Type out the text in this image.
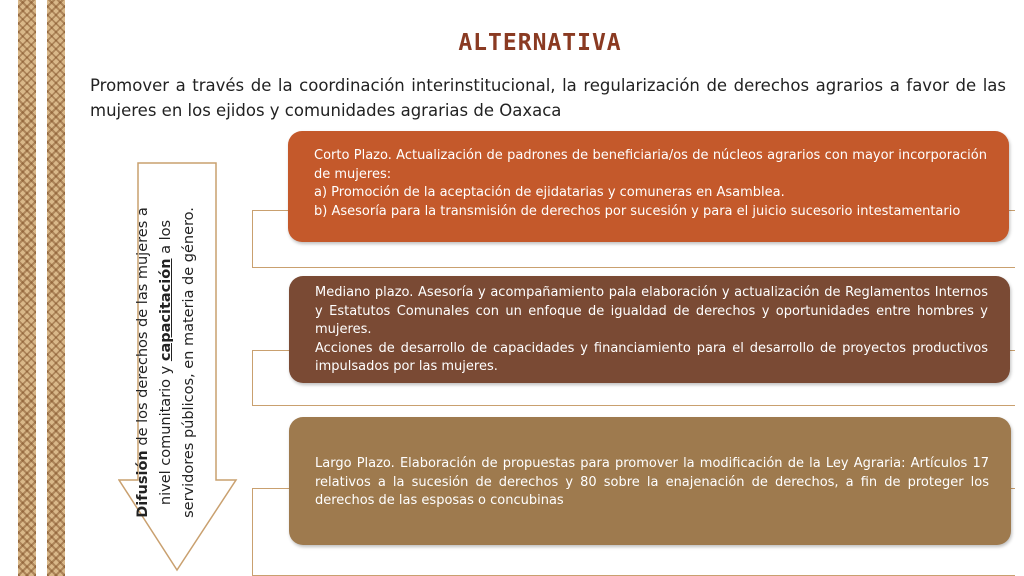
ALTERNATIVA
Promover a través de la coordinación interinstitucional, la regularización de derechos agrarios a favor de las mujeres en los ejidos y comunidades agrarias de Oaxaca
Difusión de los derechos de las mujeres a nivel comunitario y capacitación a los servidores públicos, en materia de género.

Corto Plazo. Actualización de padrones de beneficiaria/os de núcleos agrarios con mayor incorporación de mujeres:

a) Promoción de la aceptación de ejidatarias y comuneras en Asamblea.

b) Asesoría para la transmisión de derechos por sucesión y para el juicio sucesorio intestamentario

Mediano plazo. Asesoría y acompañamiento pala elaboración y actualización de Reglamentos Internos y Estatutos Comunales con un enfoque de igualdad de derechos y oportunidades entre hombres y mujeres.

Acciones de desarrollo de capacidades y financiamiento para el desarrollo de proyectos productivos impulsados por las mujeres.

Largo Plazo. Elaboración de propuestas para promover la modificación de la Ley Agraria: Artículos 17 relativos a la sucesión de derechos y 80 sobre la enajenación de derechos, a fin de proteger los derechos de las esposas o concubinas
